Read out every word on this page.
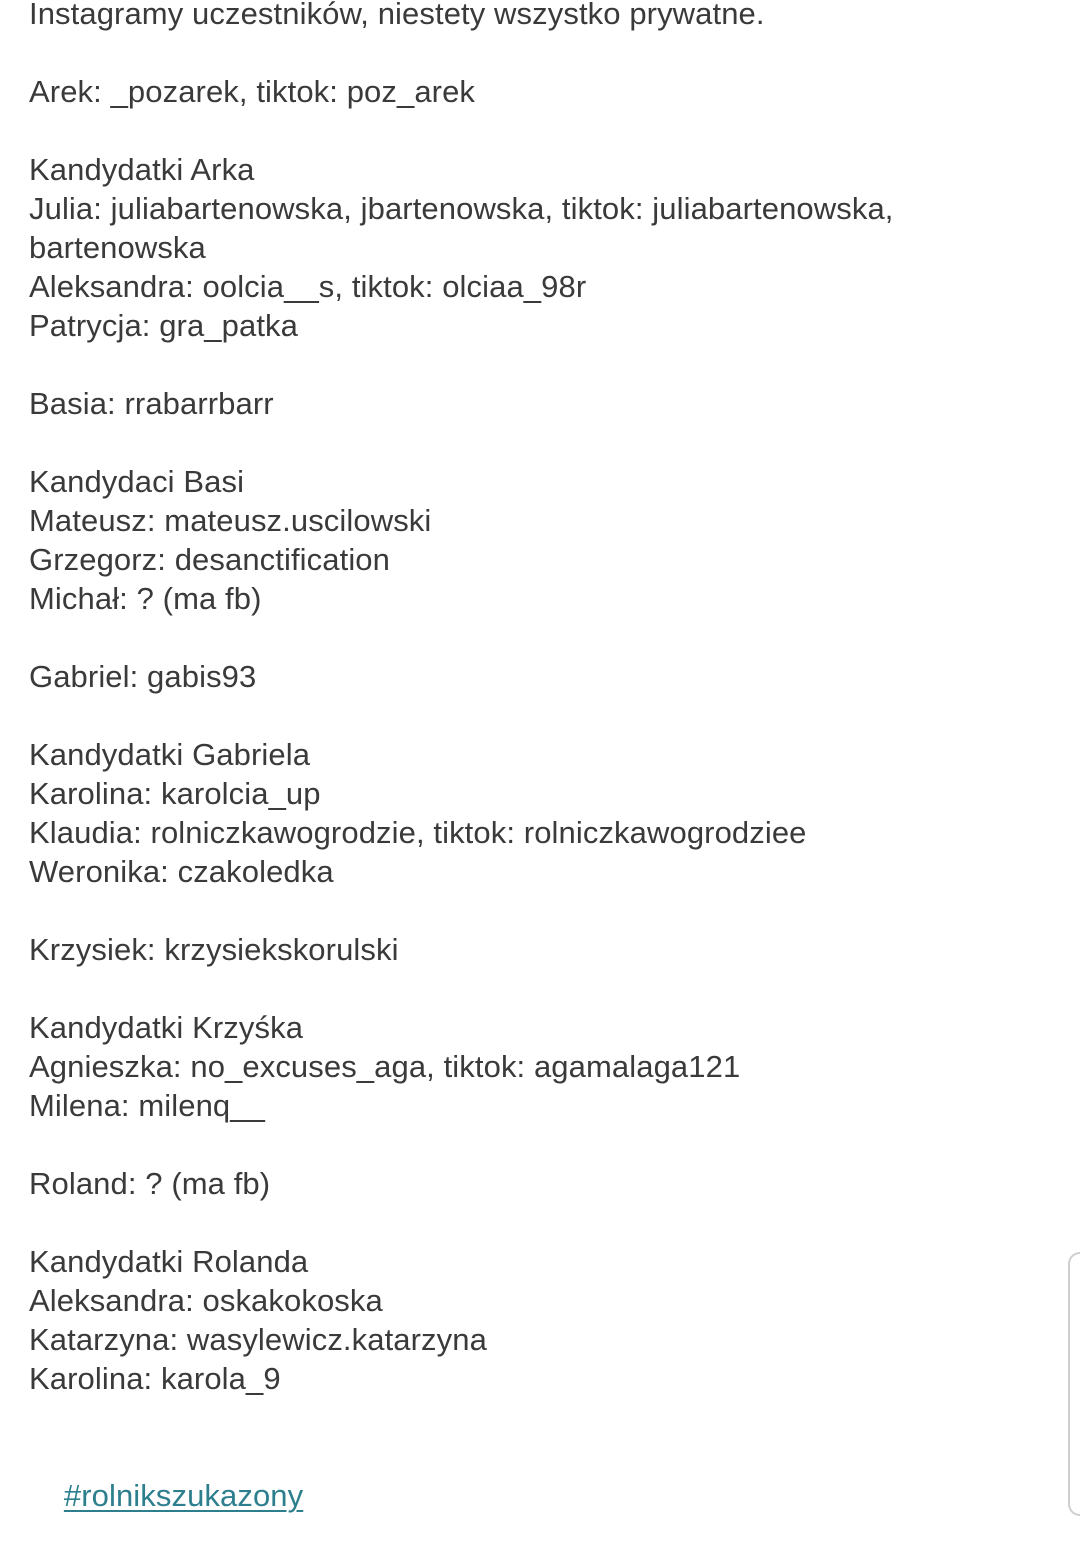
Instagramy uczestników, niestety wszystko prywatne.
Arek: _pozarek, tiktok: poz_arek
Kandydatki Arka
Julia: juliabartenowska, jbartenowska, tiktok: juliabartenowska,
bartenowska
Aleksandra: oolcia__s, tiktok: olciaa_98r
Patrycja: gra_patka
Basia: rrabarrbarr
Kandydaci Basi
Mateusz: mateusz.uscilowski
Grzegorz: desanctification
Michał: ? (ma fb)
Gabriel: gabis93
Kandydatki Gabriela
Karolina: karolcia_up
Klaudia: rolniczkawogrodzie, tiktok: rolniczkawogrodziee
Weronika: czakoledka
Krzysiek: krzysiekskorulski
Kandydatki Krzyśka
Agnieszka: no_excuses_aga, tiktok: agamalaga121
Milena: milenq__
Roland: ? (ma fb)
Kandydatki Rolanda
Aleksandra: oskakokoska
Katarzyna: wasylewicz.katarzyna
Karolina: karola_9

#rolnikszukazony
